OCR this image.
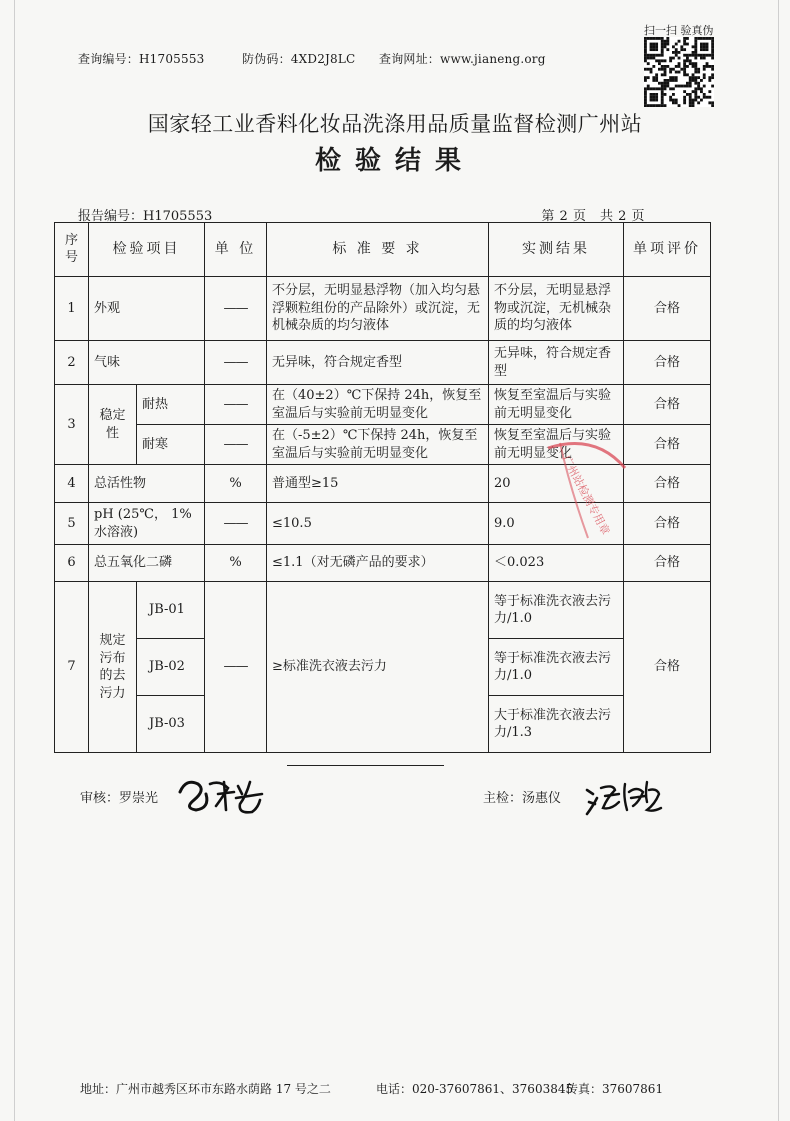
查询编号：H1705553	防伪码：4XD2J8LC 查询网址：www.jianeng.org
扫一扫 验真伪
国家轻工业香料化妆品洗涤用品质量监督检测广州站
检验结果
报告编号：H1705553	第 2 页　共 2 页
序号	检验项目		单 位	标 准 要 求	实测结果	单项评价
1	外观		——	不分层，无明显悬浮物（加入均匀悬浮颗粒组份的产品除外）或沉淀，无机械杂质的均匀液体	不分层，无明显悬浮物或沉淀，无机械杂质的均匀液体	合格
2	气味		——	无异味，符合规定香型	无异味，符合规定香型	合格
3	稳定性	耐热	——	在（40±2）℃下保持 24h，恢复至室温后与实验前无明显变化	恢复至室温后与实验前无明显变化	合格
		耐寒	——	在（-5±2）℃下保持 24h，恢复至室温后与实验前无明显变化	恢复至室温后与实验前无明显变化	合格
4	总活性物		%	普通型≥15	20	合格
5	pH (25℃， 1%水溶液)		——	≤10.5	9.0	合格
6	总五氧化二磷		%	≤1.1（对无磷产品的要求）	＜0.023	合格
7	规定污布的去污力	JB-01	——	≥标准洗衣液去污力	等于标准洗衣液去污力/1.0	合格
		JB-02			等于标准洗衣液去污力/1.0	
		JB-03			大于标准洗衣液去污力/1.3	
广州站检测专用章
审核：罗崇光	主检：汤惠仪
地址：广州市越秀区环市东路水荫路 17 号之二	电话：020-37607861、37603845
传真：37607861
